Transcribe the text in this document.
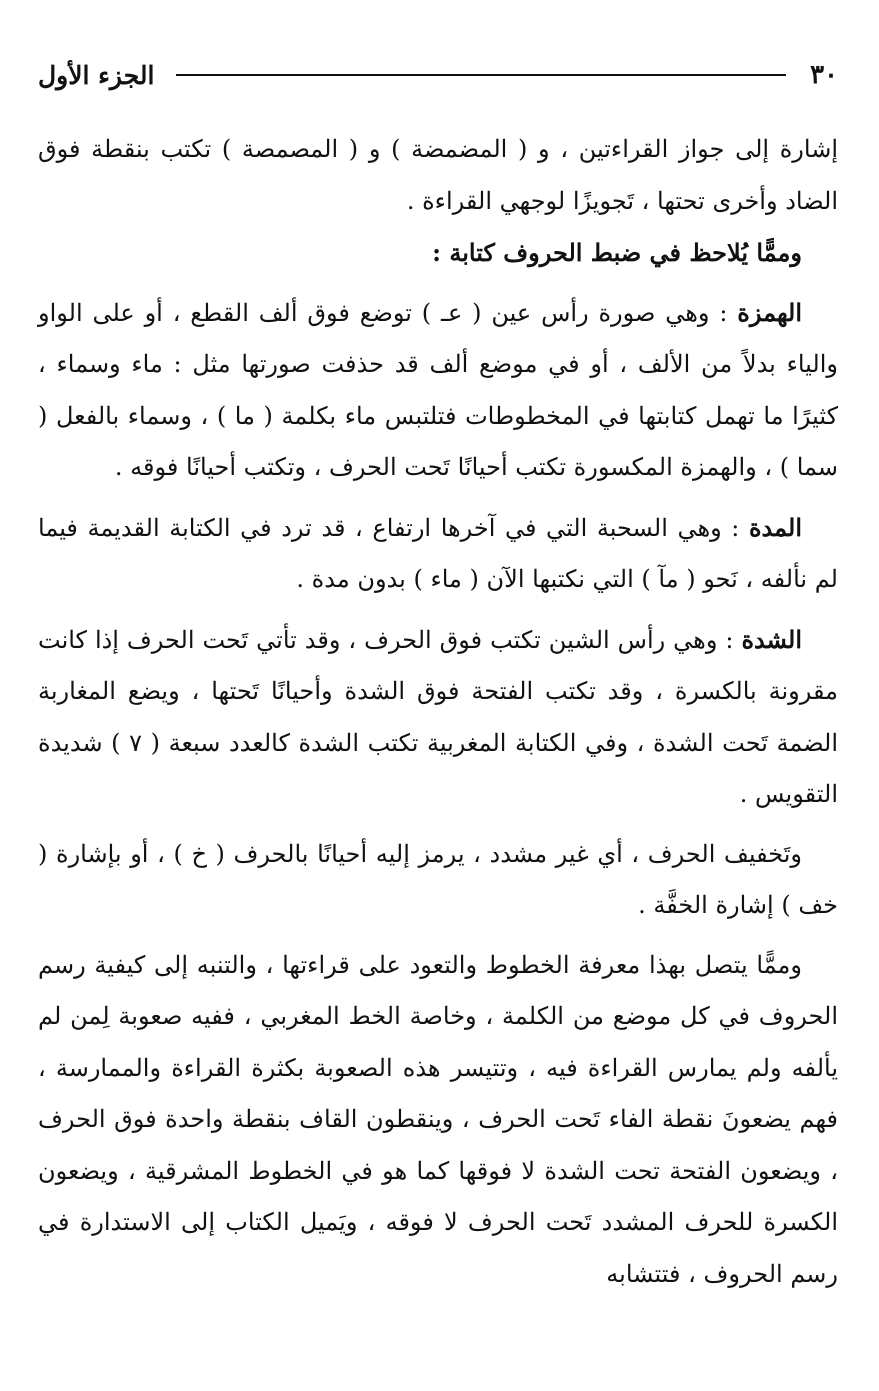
٣٠
الجزء الأول

إشارة إلى جواز القراءتين ، و ( المضمضة ) و ( المصمصة ) تكتب بنقطة فوق الضاد وأخرى تحتها ، تَجويزًا لوجهي القراءة .

وممًّا يُلاحظ في ضبط الحروف كتابة :

الهمزة : وهي صورة رأس عين ( عـ ) توضع فوق ألف القطع ، أو على الواو والياء بدلاً من الألف ، أو في موضع ألف قد حذفت صورتها مثل : ماء وسماء ، كثيرًا ما تهمل كتابتها في المخطوطات فتلتبس ماء بكلمة ( ما ) ، وسماء بالفعل ( سما ) ، والهمزة المكسورة تكتب أحيانًا تَحت الحرف ، وتكتب أحيانًا فوقه .

المدة : وهي السحبة التي في آخرها ارتفاع ، قد ترد في الكتابة القديمة فيما لم نألفه ، نَحو ( مآ ) التي نكتبها الآن ( ماء ) بدون مدة .

الشدة : وهي رأس الشين تكتب فوق الحرف ، وقد تأتي تَحت الحرف إذا كانت مقرونة بالكسرة ، وقد تكتب الفتحة فوق الشدة وأحيانًا تَحتها ، ويضع المغاربة الضمة تَحت الشدة ، وفي الكتابة المغربية تكتب الشدة كالعدد سبعة ( ٧ ) شديدة التقويس .

وتَخفيف الحرف ، أي غير مشدد ، يرمز إليه أحيانًا بالحرف ( خ ) ، أو بإشارة ( خف ) إشارة الخفَّة .

وممًّا يتصل بهذا معرفة الخطوط والتعود على قراءتها ، والتنبه إلى كيفية رسم الحروف في كل موضع من الكلمة ، وخاصة الخط المغربي ، ففيه صعوبة لِمن لم يألفه ولم يمارس القراءة فيه ، وتتيسر هذه الصعوبة بكثرة القراءة والممارسة ، فهم يضعونَ نقطة الفاء تَحت الحرف ، وينقطون القاف بنقطة واحدة فوق الحرف ، ويضعون الفتحة تحت الشدة لا فوقها كما هو في الخطوط المشرقية ، ويضعون الكسرة للحرف المشدد تَحت الحرف لا فوقه ، ويَميل الكتاب إلى الاستدارة في رسم الحروف ، فتتشابه
